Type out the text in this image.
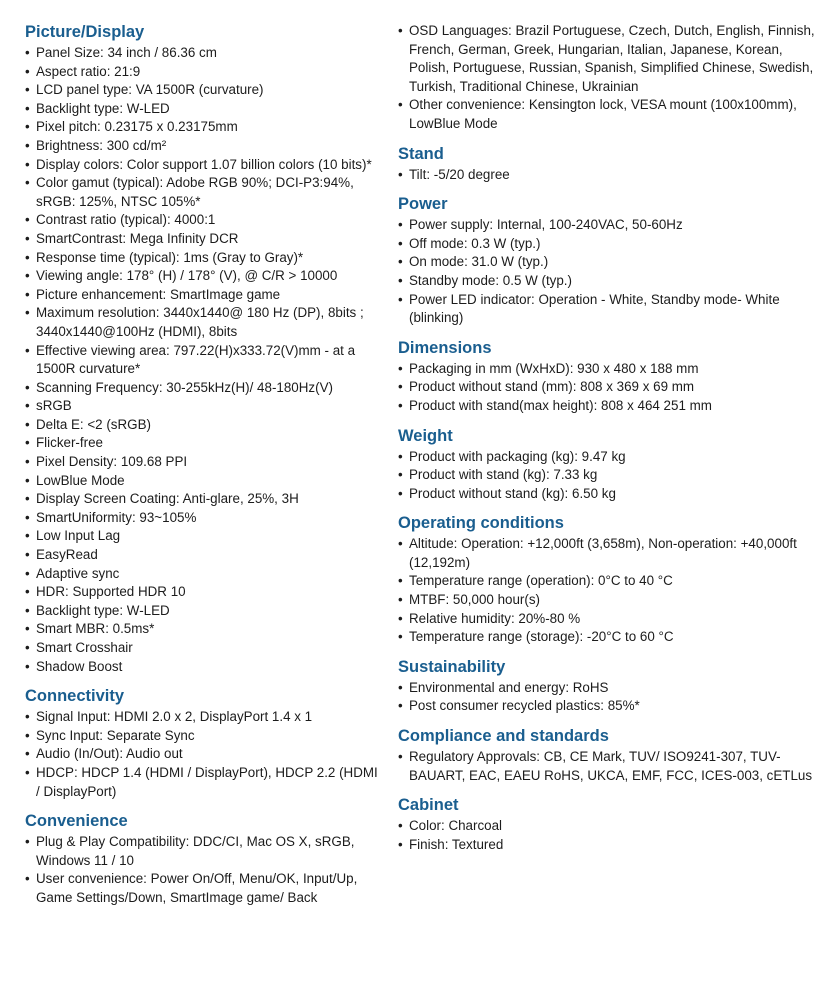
Picture/Display
• Panel Size: 34 inch / 86.36 cm
• Aspect ratio: 21:9
• LCD panel type: VA 1500R (curvature)
• Backlight type: W-LED
• Pixel pitch: 0.23175 x 0.23175mm
• Brightness: 300 cd/m²
• Display colors: Color support 1.07 billion colors (10 bits)*
• Color gamut (typical): Adobe RGB 90%; DCI-P3:94%, sRGB: 125%, NTSC 105%*
• Contrast ratio (typical): 4000:1
• SmartContrast: Mega Infinity DCR
• Response time (typical): 1ms (Gray to Gray)*
• Viewing angle: 178° (H) / 178° (V), @ C/R > 10000
• Picture enhancement: SmartImage game
• Maximum resolution: 3440x1440@ 180 Hz (DP), 8bits ; 3440x1440@100Hz (HDMI), 8bits
• Effective viewing area: 797.22(H)x333.72(V)mm - at a 1500R curvature*
• Scanning Frequency: 30-255kHz(H)/ 48-180Hz(V)
• sRGB
• Delta E: <2 (sRGB)
• Flicker-free
• Pixel Density: 109.68 PPI
• LowBlue Mode
• Display Screen Coating: Anti-glare, 25%, 3H
• SmartUniformity: 93~105%
• Low Input Lag
• EasyRead
• Adaptive sync
• HDR: Supported HDR 10
• Backlight type: W-LED
• Smart MBR: 0.5ms*
• Smart Crosshair
• Shadow Boost
Connectivity
• Signal Input: HDMI 2.0 x 2, DisplayPort 1.4 x 1
• Sync Input: Separate Sync
• Audio (In/Out): Audio out
• HDCP: HDCP 1.4 (HDMI / DisplayPort), HDCP 2.2 (HDMI / DisplayPort)
Convenience
• Plug & Play Compatibility: DDC/CI, Mac OS X, sRGB, Windows 11 / 10
• User convenience: Power On/Off, Menu/OK, Input/Up, Game Settings/Down, SmartImage game/ Back
• OSD Languages: Brazil Portuguese, Czech, Dutch, English, Finnish, French, German, Greek, Hungarian, Italian, Japanese, Korean, Polish, Portuguese, Russian, Spanish, Simplified Chinese, Swedish, Turkish, Traditional Chinese, Ukrainian
• Other convenience: Kensington lock, VESA mount (100x100mm), LowBlue Mode
Stand
• Tilt: -5/20 degree
Power
• Power supply: Internal, 100-240VAC, 50-60Hz
• Off mode: 0.3 W (typ.)
• On mode: 31.0 W (typ.)
• Standby mode: 0.5 W (typ.)
• Power LED indicator: Operation - White, Standby mode- White (blinking)
Dimensions
• Packaging in mm (WxHxD): 930 x 480 x 188 mm
• Product without stand (mm): 808 x 369 x 69 mm
• Product with stand(max height): 808 x 464 251 mm
Weight
• Product with packaging (kg): 9.47 kg
• Product with stand (kg): 7.33 kg
• Product without stand (kg): 6.50 kg
Operating conditions
• Altitude: Operation: +12,000ft (3,658m), Non-operation: +40,000ft (12,192m)
• Temperature range (operation): 0°C to 40 °C
• MTBF: 50,000 hour(s)
• Relative humidity: 20%-80 %
• Temperature range (storage): -20°C to 60 °C
Sustainability
• Environmental and energy: RoHS
• Post consumer recycled plastics: 85%*
Compliance and standards
• Regulatory Approvals: CB, CE Mark, TUV/ ISO9241-307, TUV-BAUART, EAC, EAEU RoHS, UKCA, EMF, FCC, ICES-003, cETLus
Cabinet
• Color: Charcoal
• Finish: Textured
